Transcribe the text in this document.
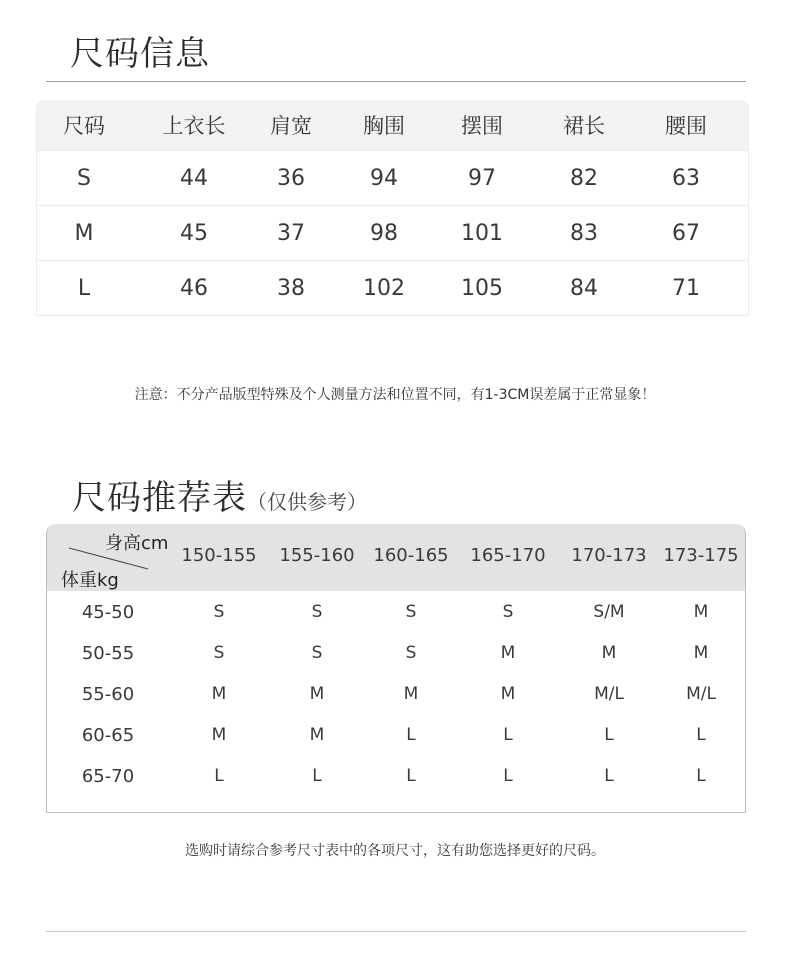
尺码信息
尺码	上衣长	肩宽	胸围	摆围	裙长	腰围
S	44	36	94	97	82	63
M	45	37	98	101	83	67
L	46	38	102	105	84	71
注意：不分产品版型特殊及个人测量方法和位置不同，有1-3CM误差属于正常显象！
尺码推荐表（仅供参考）
身高cm
体重kg
150-155	155-160	160-165	165-170	170-173 173-175
45-50	S	S	S	S	S/M	M
50-55	S	S	S	M	M	M
55-60	M	M	M	M	M/L	M/L
60-65	M	M	L	L	L	L
65-70	L	L	L	L	L	L
选购时请综合参考尺寸表中的各项尺寸，这有助您选择更好的尺码。
